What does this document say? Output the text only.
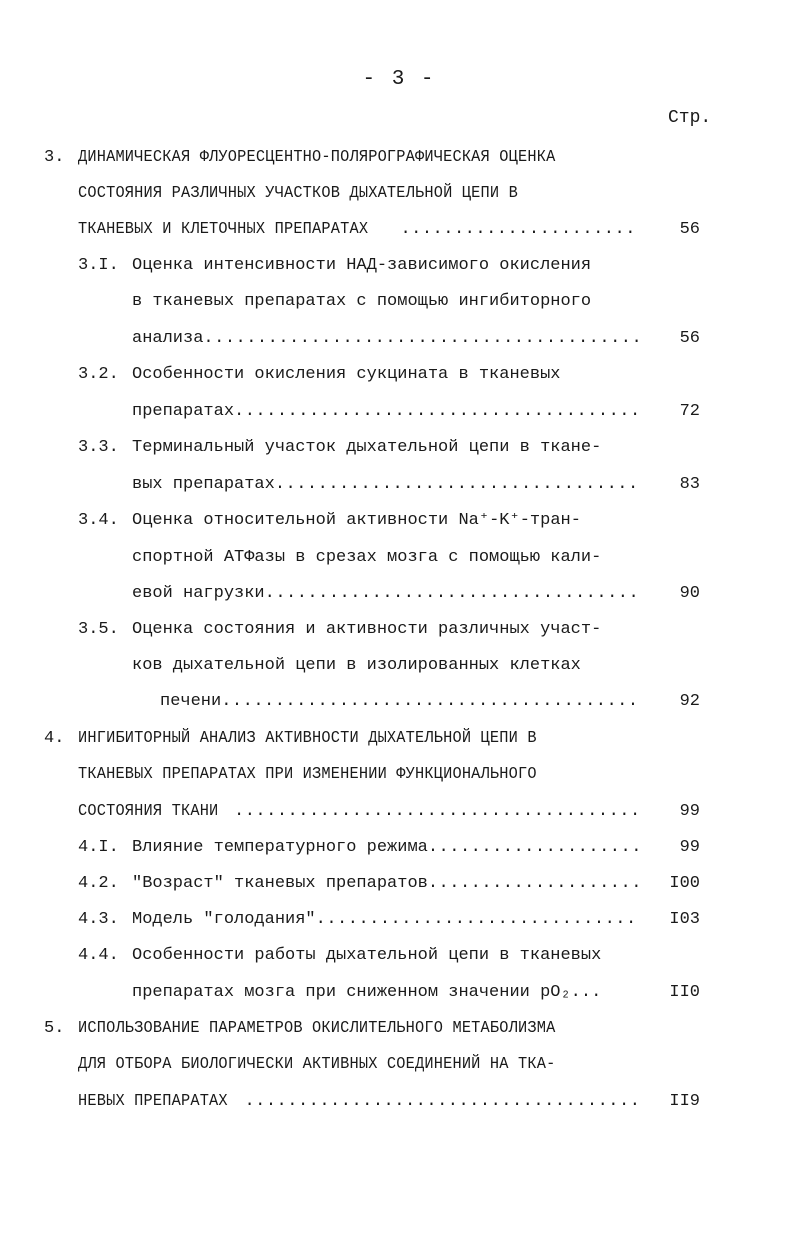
- 3 -
Стр.
3. ДИНАМИЧЕСКАЯ ФЛУОРЕСЦЕНТНО-ПОЛЯРОГРАФИЧЕСКАЯ ОЦЕНКА
СОСТОЯНИЯ РАЗЛИЧНЫХ УЧАСТКОВ ДЫХАТЕЛЬНОЙ ЦЕПИ В
ТКАНЕВЫХ И КЛЕТОЧНЫХ ПРЕПАРАТАХ .....	56
3.I. Оценка интенсивности НАД-зависимого окисления
в тканевых препаратах с помощью ингибиторного
анализа .....	56
3.2. Особенности окисления сукцината в тканевых
препаратах .....	72
3.3. Терминальный участок дыхательной цепи в ткане-
вых препаратах .....	83
3.4. Оценка относительной активности Na⁺-K⁺-тран-
спортной АТФазы в срезах мозга с помощью кали-
евой нагрузки .....	90
3.5. Оценка состояния и активности различных участ-
ков дыхательной цепи в изолированных клетках
печени .....	92
4. ИНГИБИТОРНЫЙ АНАЛИЗ АКТИВНОСТИ ДЫХАТЕЛЬНОЙ ЦЕПИ В
ТКАНЕВЫХ ПРЕПАРАТАХ ПРИ ИЗМЕНЕНИИ ФУНКЦИОНАЛЬНОГО
СОСТОЯНИЯ ТКАНИ .....	99
4.I. Влияние температурного режима .....	99
4.2. "Возраст" тканевых препаратов .....	I00
4.3. Модель "голодания" .....	I03
4.4. Особенности работы дыхательной цепи в тканевых
препаратах мозга при сниженном значении pO₂...	II0
5. ИСПОЛЬЗОВАНИЕ ПАРАМЕТРОВ ОКИСЛИТЕЛЬНОГО МЕТАБОЛИЗМА
ДЛЯ ОТБОРА БИОЛОГИЧЕСКИ АКТИВНЫХ СОЕДИНЕНИЙ НА ТКА-
НЕВЫХ ПРЕПАРАТАХ .....	II9
